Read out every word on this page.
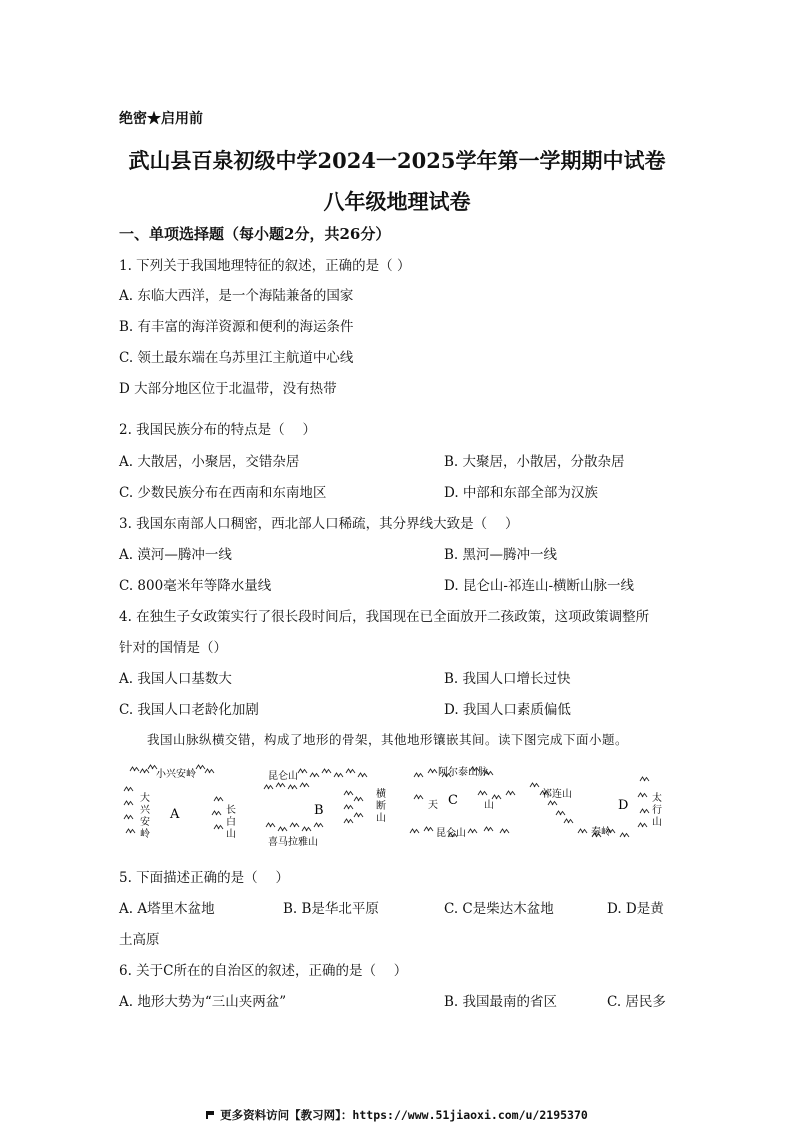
绝密★启用前
武山县百泉初级中学2024一2025学年第一学期期中试卷
八年级地理试卷
一、单项选择题（每小题2分，共26分）
1. 下列关于我国地理特征的叙述，正确的是（ ）
A. 东临大西洋，是一个海陆兼备的国家
B. 有丰富的海洋资源和便利的海运条件
C. 领土最东端在乌苏里江主航道中心线
D 大部分地区位于北温带，没有热带
2. 我国民族分布的特点是（　 ）
A. 大散居，小聚居，交错杂居	B. 大聚居，小散居，分散杂居
C. 少数民族分布在西南和东南地区	D. 中部和东部全部为汉族
3. 我国东南部人口稠密，西北部人口稀疏，其分界线大致是（　 ）
A. 漠河—腾冲一线	B. 黑河—腾冲一线
C. 800毫米年等降水量线	D. 昆仑山-祁连山-横断山脉一线
4. 在独生子女政策实行了很长段时间后，我国现在已全面放开二孩政策，这项政策调整所
针对的国情是（）
A. 我国人口基数大	B. 我国人口增长过快
C. 我国人口老龄化加剧	D. 我国人口素质偏低
我国山脉纵横交错，构成了地形的骨架，其他地形镶嵌其间。读下图完成下面小题。
小兴安岭
大
兴
安
岭
A	长
白
山
昆仑山
B
横
断
山
喜马拉雅山
阿尔泰山脉
天 C	山
昆仑山
祁连山
D
秦岭
太
行
山
5. 下面描述正确的是（　 ）
A. A塔里木盆地	B. B是华北平原	C. C是柴达木盆地	D. D是黄
土高原
6. 关于C所在的自治区的叙述，正确的是（　 ）
A. 地形大势为“三山夹两盆”	B. 我国最南的省区	C. 居民多
更多资料访问【教习网】：https://www.51jiaoxi.com/u/2195370
